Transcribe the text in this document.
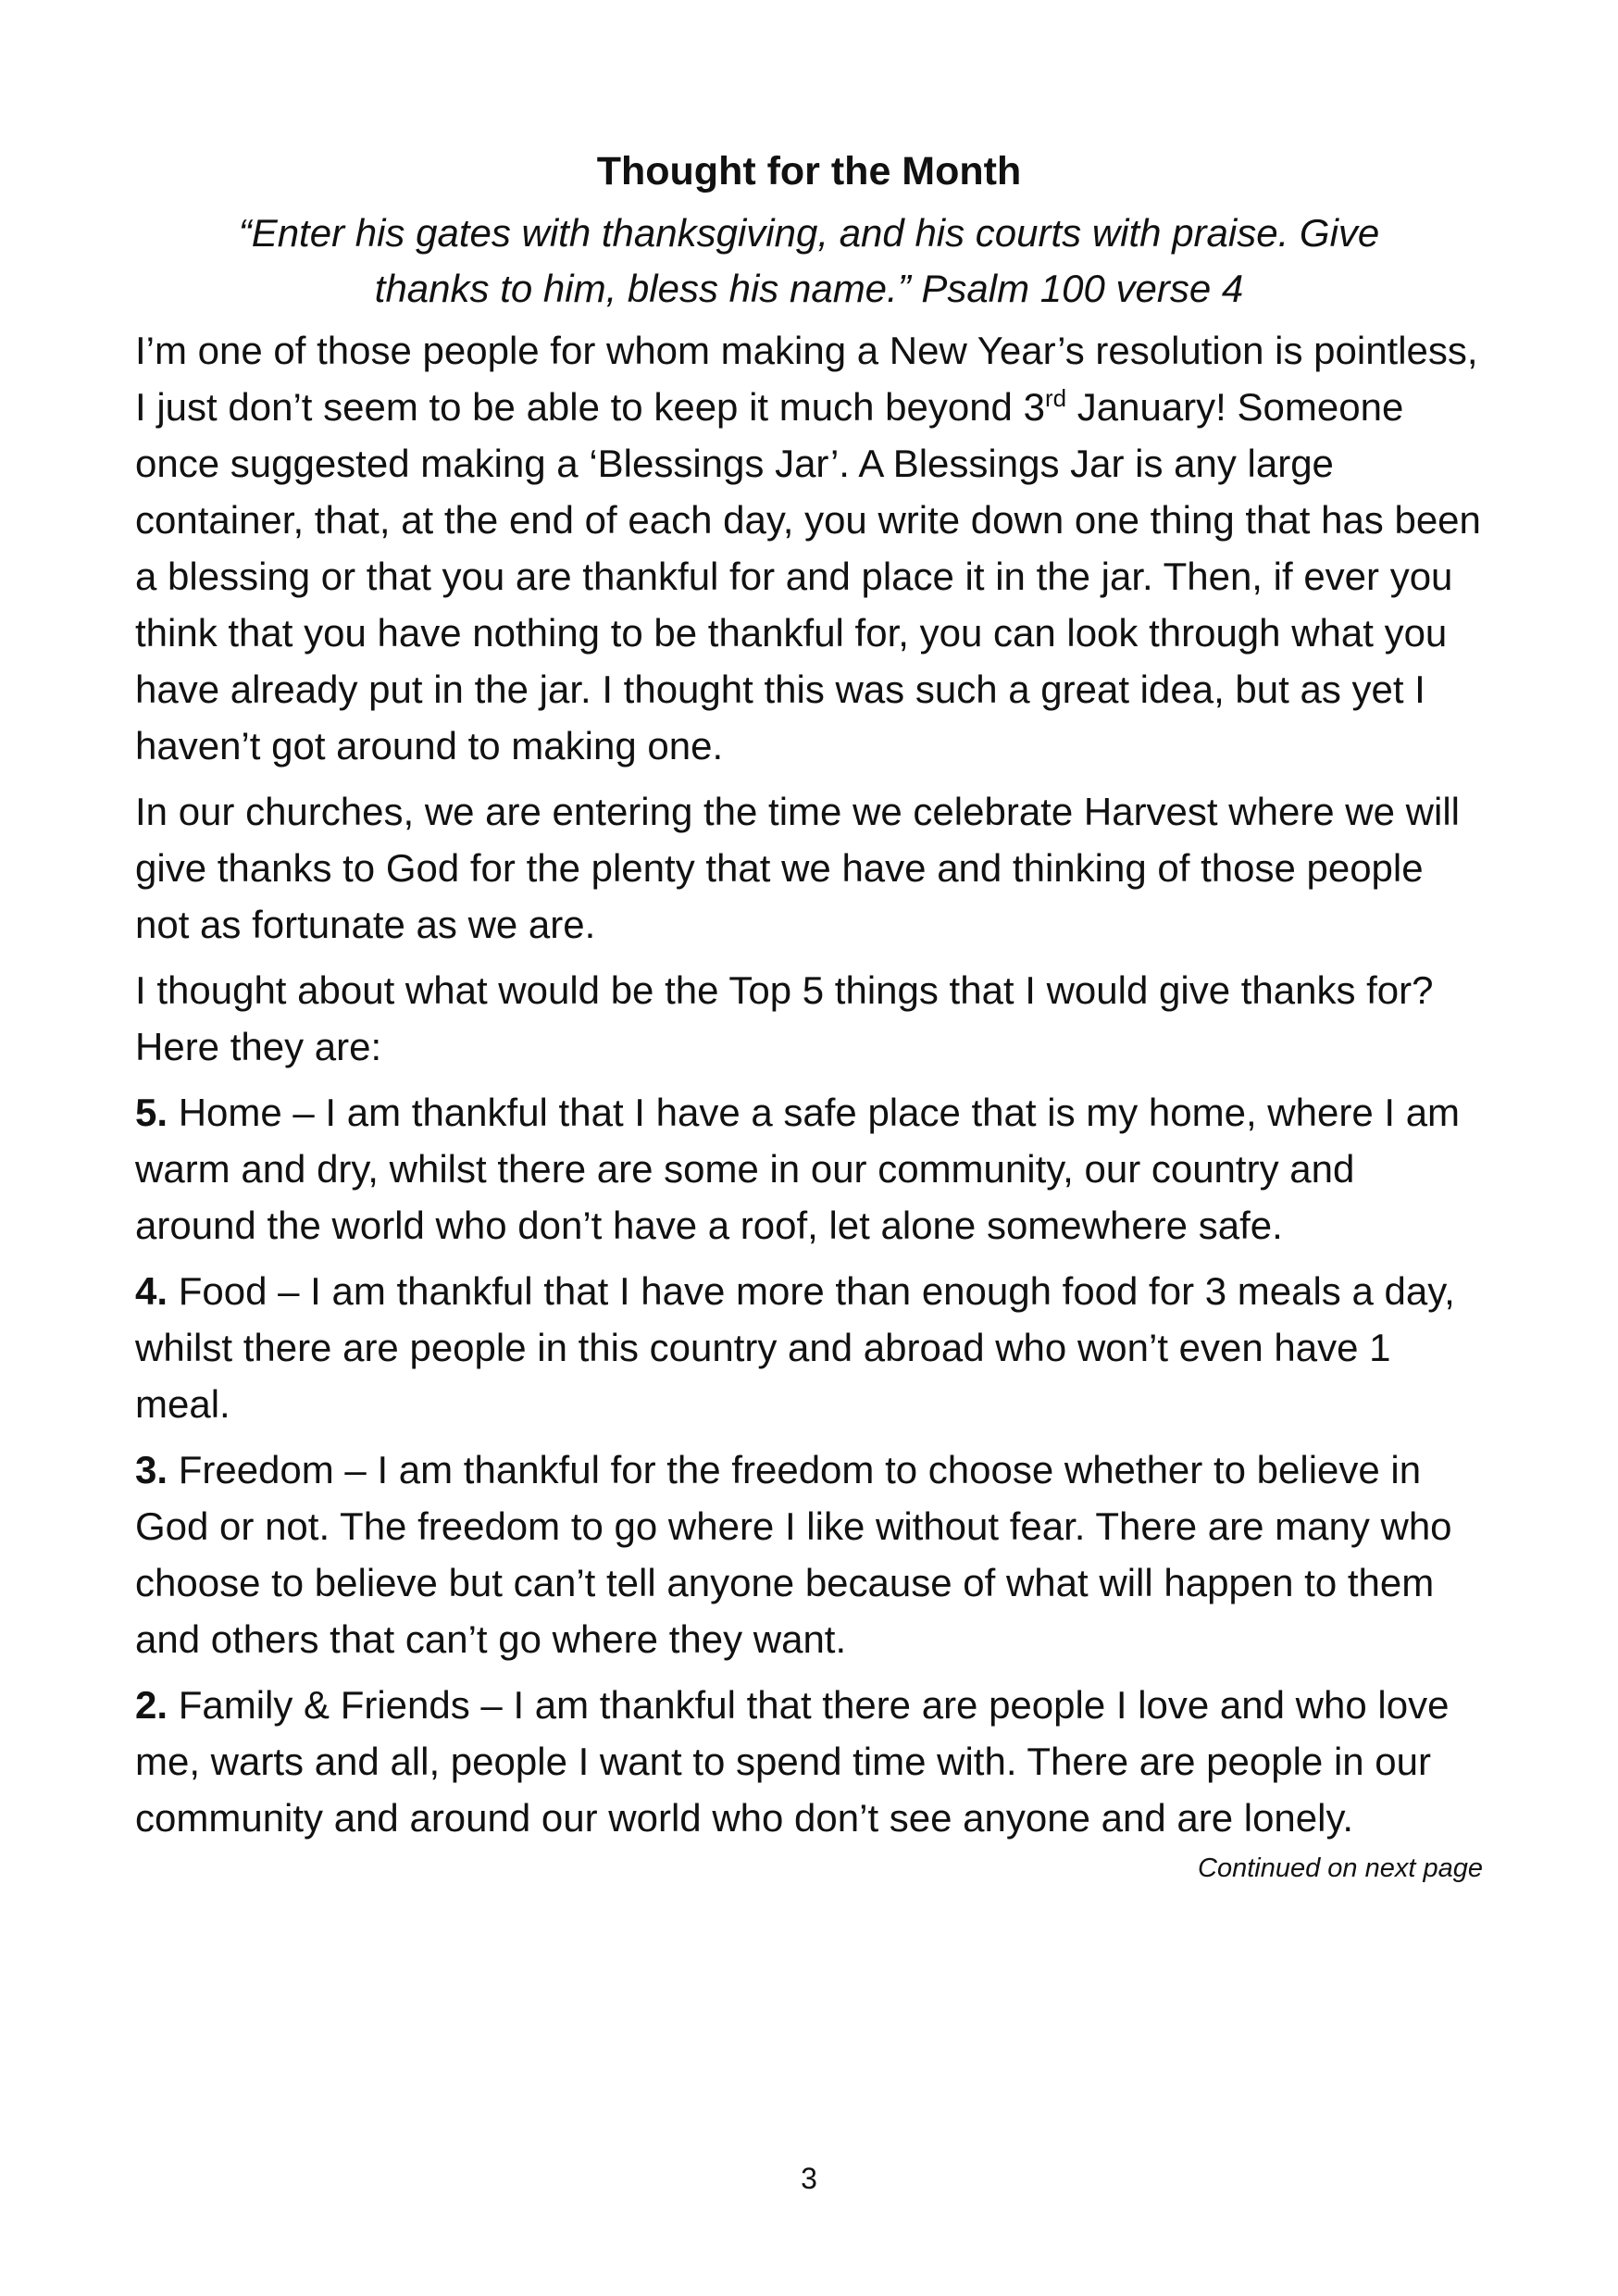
Thought for the Month
“Enter his gates with thanksgiving, and his courts with praise. Give
thanks to him, bless his name.” Psalm 100 verse 4

I’m one of those people for whom making a New Year’s resolution is pointless, I just don’t seem to be able to keep it much beyond 3rd January! Someone once suggested making a ‘Blessings Jar’. A Blessings Jar is any large container, that, at the end of each day, you write down one thing that has been a blessing or that you are thankful for and place it in the jar. Then, if ever you think that you have nothing to be thankful for, you can look through what you have already put in the jar. I thought this was such a great idea, but as yet I haven’t got around to making one.

In our churches, we are entering the time we celebrate Harvest where we will give thanks to God for the plenty that we have and thinking of those people not as fortunate as we are.

I thought about what would be the Top 5 things that I would give thanks for? Here they are:

5. Home – I am thankful that I have a safe place that is my home, where I am warm and dry, whilst there are some in our community, our country and around the world who don’t have a roof, let alone somewhere safe.

4. Food – I am thankful that I have more than enough food for 3 meals a day, whilst there are people in this country and abroad who won’t even have 1 meal.

3. Freedom – I am thankful for the freedom to choose whether to believe in God or not. The freedom to go where I like without fear. There are many who choose to believe but can’t tell anyone because of what will happen to them and others that can’t go where they want.

2. Family & Friends – I am thankful that there are people I love and who love me, warts and all, people I want to spend time with. There are people in our community and around our world who don’t see anyone and are lonely.

Continued on next page
3
